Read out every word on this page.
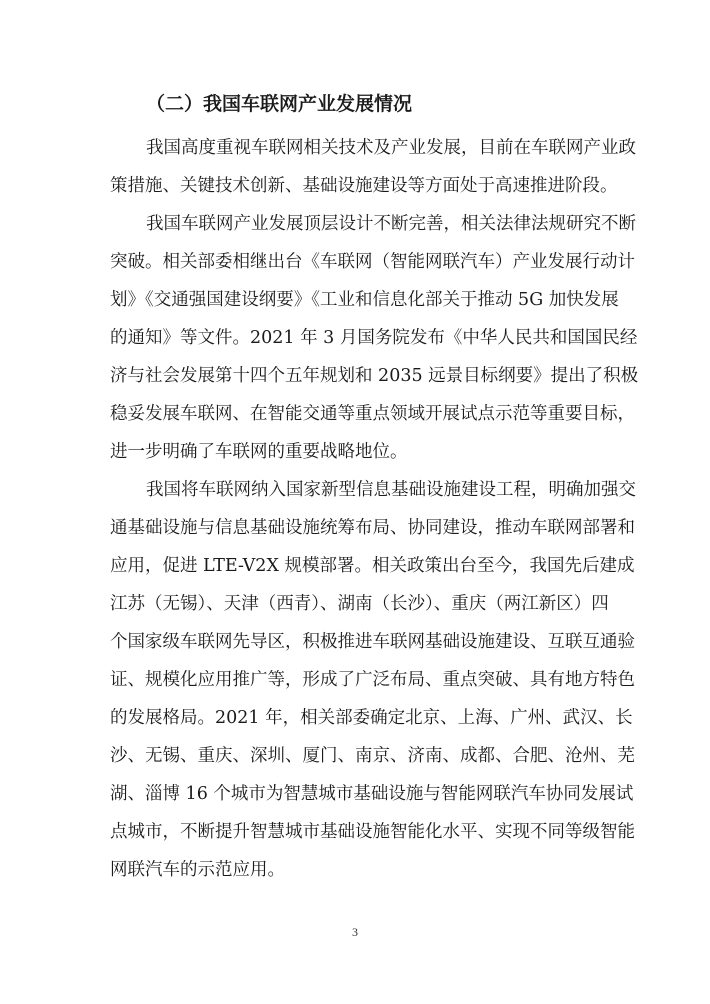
（二）我国车联网产业发展情况
我国高度重视车联网相关技术及产业发展，目前在车联网产业政
策措施、关键技术创新、基础设施建设等方面处于高速推进阶段。
我国车联网产业发展顶层设计不断完善，相关法律法规研究不断
突破。相关部委相继出台《车联网（智能网联汽车）产业发展行动计
划》《交通强国建设纲要》《工业和信息化部关于推动 5G 加快发展
的通知》等文件。2021 年 3 月国务院发布《中华人民共和国国民经
济与社会发展第十四个五年规划和 2035 远景目标纲要》提出了积极
稳妥发展车联网、在智能交通等重点领域开展试点示范等重要目标，
进一步明确了车联网的重要战略地位。
我国将车联网纳入国家新型信息基础设施建设工程，明确加强交
通基础设施与信息基础设施统筹布局、协同建设，推动车联网部署和
应用，促进 LTE-V2X 规模部署。相关政策出台至今，我国先后建成
江苏（无锡）、天津（西青）、湖南（长沙）、重庆（两江新区）四
个国家级车联网先导区，积极推进车联网基础设施建设、互联互通验
证、规模化应用推广等，形成了广泛布局、重点突破、具有地方特色
的发展格局。2021 年，相关部委确定北京、上海、广州、武汉、长
沙、无锡、重庆、深圳、厦门、南京、济南、成都、合肥、沧州、芜
湖、淄博 16 个城市为智慧城市基础设施与智能网联汽车协同发展试
点城市，不断提升智慧城市基础设施智能化水平、实现不同等级智能
网联汽车的示范应用。
3
